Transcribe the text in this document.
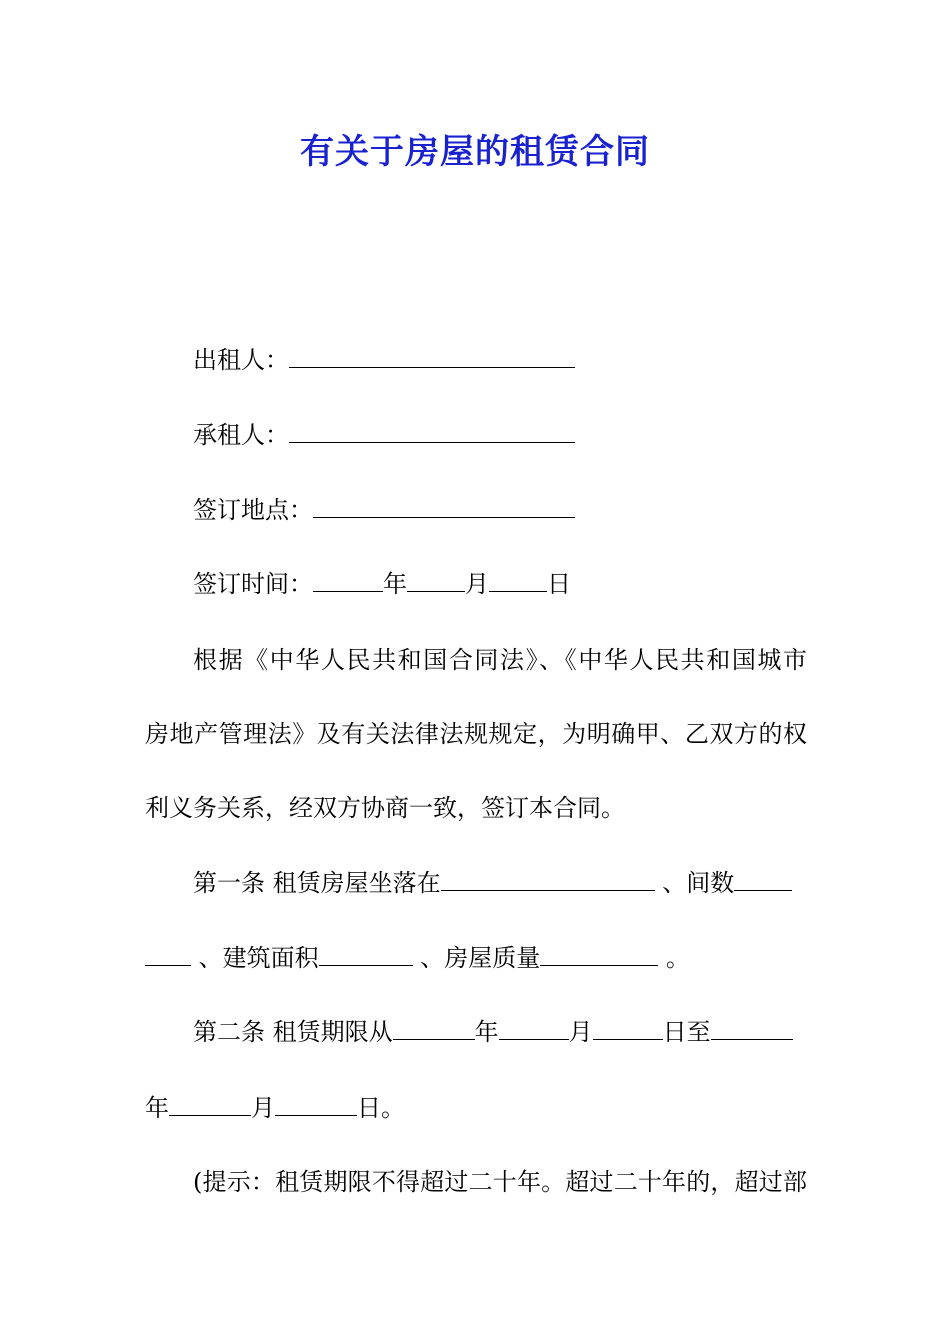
有关于房屋的租赁合同
出租人：
承租人：
签订地点：
签订时间：	年 月 日
根据《中华人民共和国合同法》、《中华人民共和国城市
房地产管理法》及有关法律法规规定，为明确甲、乙双方的权
利义务关系，经双方协商一致，签订本合同。
第一条 租赁房屋坐落在	、间数
、建筑面积	、房屋质量	。
第二条 租赁期限从	年	月	日至
年	月	日。
(提示：租赁期限不得超过二十年。超过二十年的，超过部
